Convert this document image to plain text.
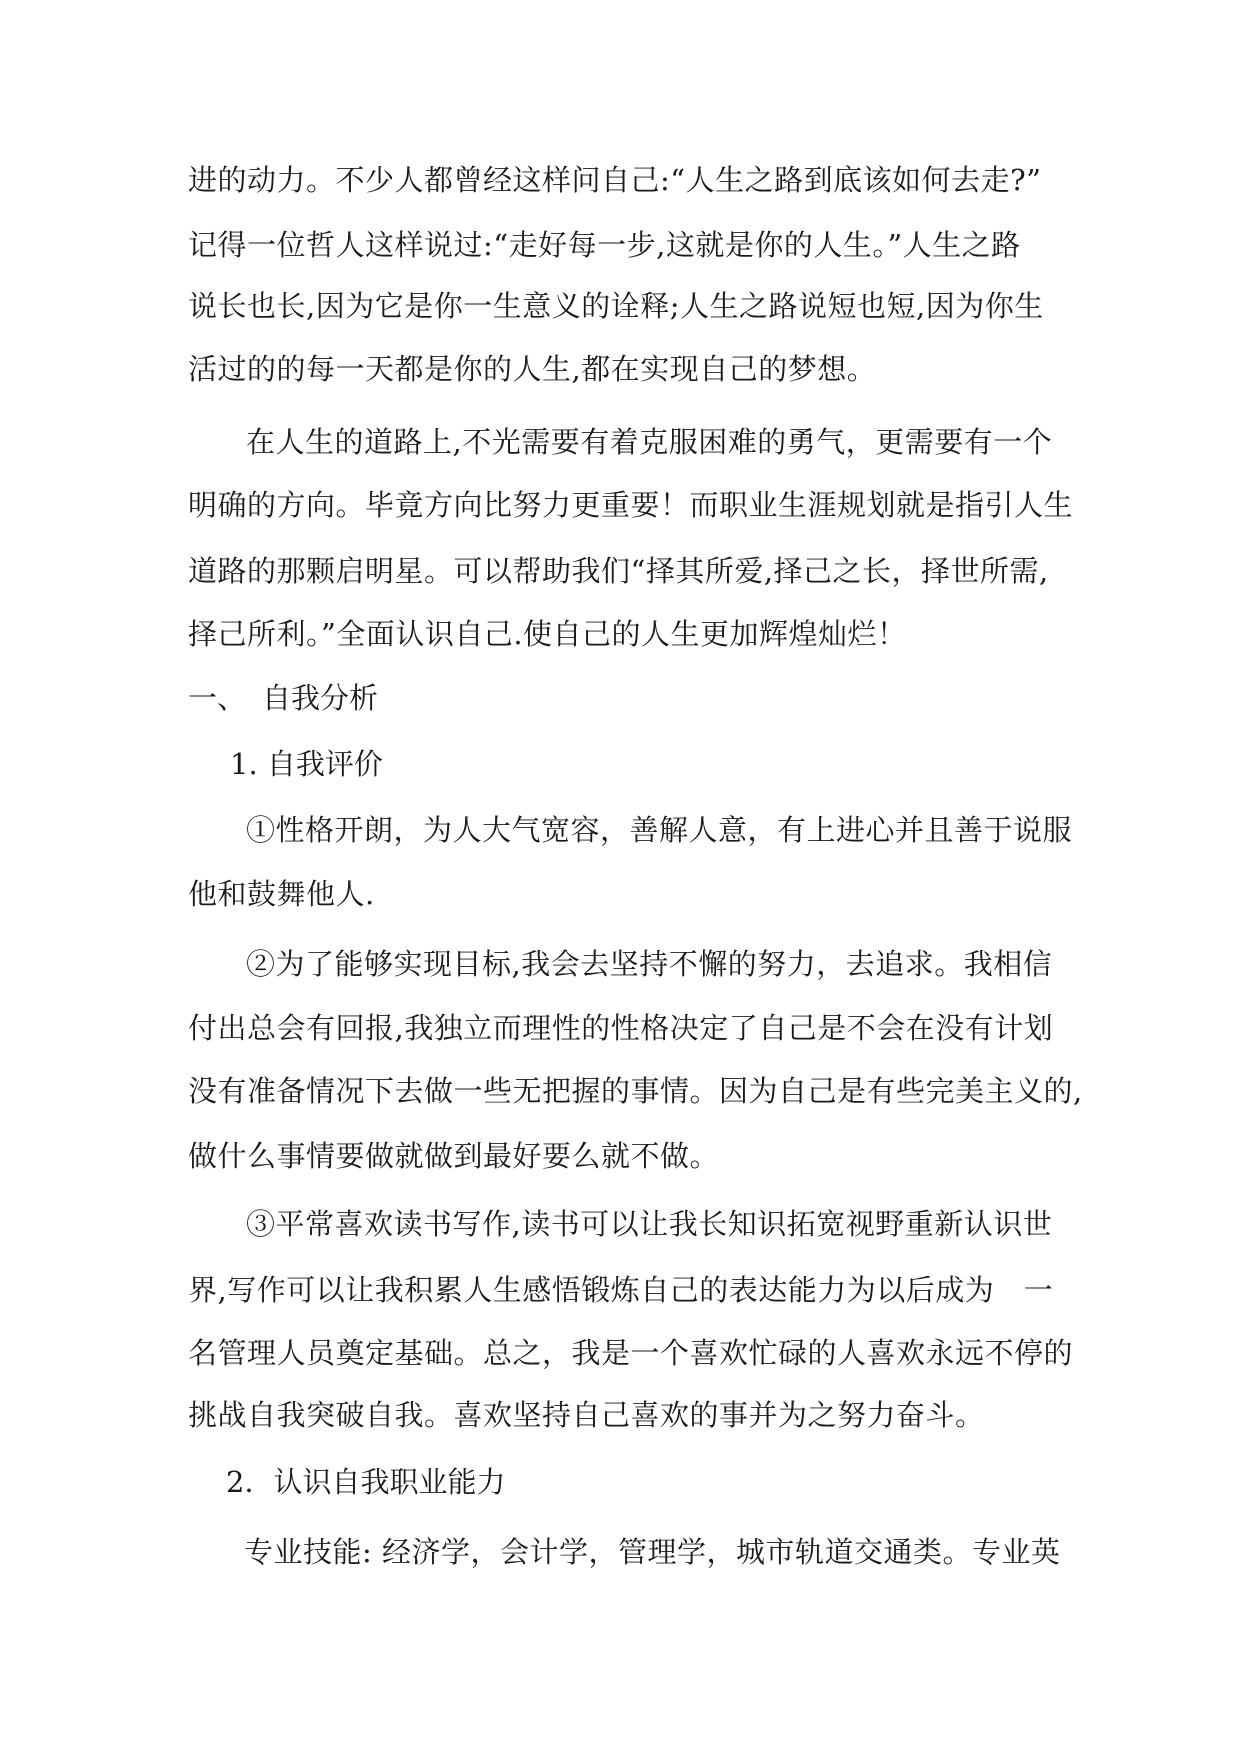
进的动力。不少人都曾经这样问自己:“人生之路到底该如何去走?”
记得一位哲人这样说过:“走好每一步,这就是你的人生。”人生之路
说长也长,因为它是你一生意义的诠释;人生之路说短也短,因为你生
活过的的每一天都是你的人生,都在实现自己的梦想。
在人生的道路上,不光需要有着克服困难的勇气，更需要有一个
明确的方向。毕竟方向比努力更重要！而职业生涯规划就是指引人生
道路的那颗启明星。可以帮助我们“择其所爱,择己之长，择世所需,
择己所利。”全面认识自己.使自己的人生更加辉煌灿烂！
一、 自我分析
1. 自我评价
①性格开朗，为人大气宽容，善解人意，有上进心并且善于说服
他和鼓舞他人.
②为了能够实现目标,我会去坚持不懈的努力，去追求。我相信
付出总会有回报,我独立而理性的性格决定了自己是不会在没有计划
没有准备情况下去做一些无把握的事情。因为自己是有些完美主义的,
做什么事情要做就做到最好要么就不做。
③平常喜欢读书写作,读书可以让我长知识拓宽视野重新认识世
界,写作可以让我积累人生感悟锻炼自己的表达能力为以后成为　一
名管理人员奠定基础。总之，我是一个喜欢忙碌的人喜欢永远不停的
挑战自我突破自我。喜欢坚持自己喜欢的事并为之努力奋斗。
2．认识自我职业能力
专业技能: 经济学，会计学，管理学，城市轨道交通类。专业英
